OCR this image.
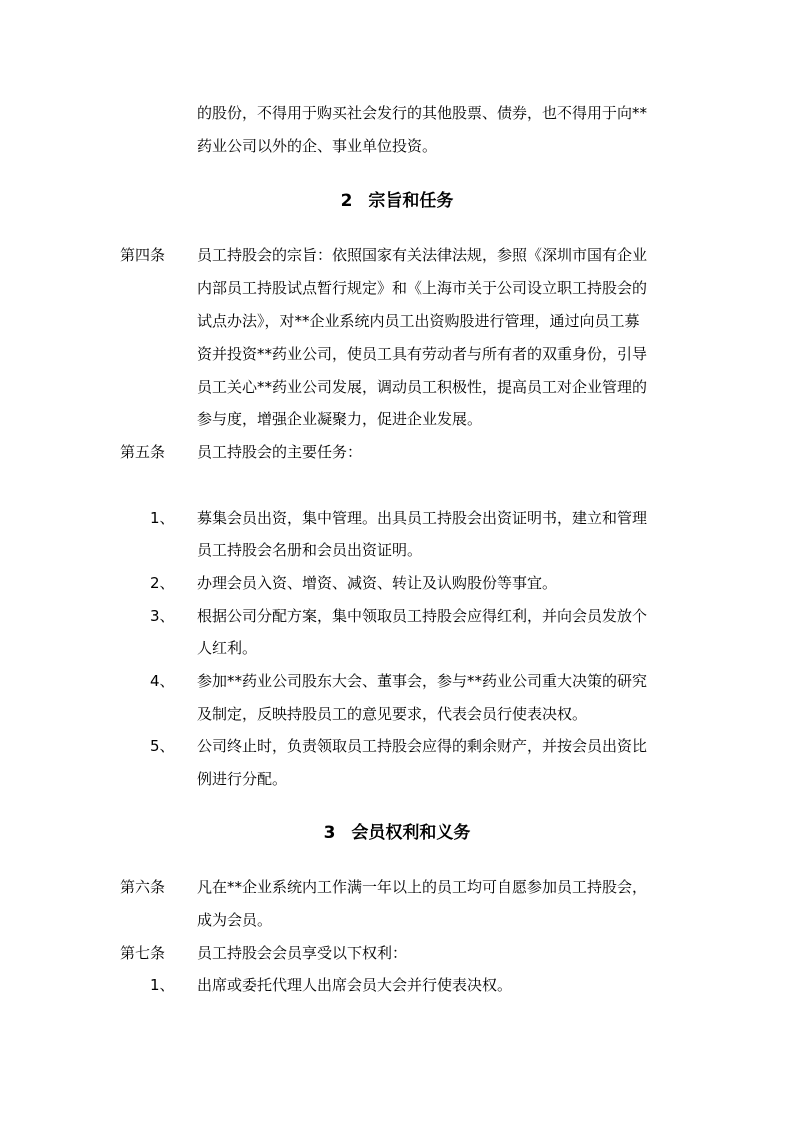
的股份，不得用于购买社会发行的其他股票、债券，也不得用于向**
药业公司以外的企、事业单位投资。
2 宗旨和任务
第四条 员工持股会的宗旨：依照国家有关法律法规，参照《深圳市国有企业
内部员工持股试点暂行规定》和《上海市关于公司设立职工持股会的
试点办法》，对**企业系统内员工出资购股进行管理，通过向员工募
资并投资**药业公司，使员工具有劳动者与所有者的双重身份，引导
员工关心**药业公司发展，调动员工积极性，提高员工对企业管理的
参与度，增强企业凝聚力，促进企业发展。
第五条 员工持股会的主要任务：
1、 募集会员出资，集中管理。出具员工持股会出资证明书，建立和管理
员工持股会名册和会员出资证明。
2、 办理会员入资、增资、减资、转让及认购股份等事宜。
3、 根据公司分配方案，集中领取员工持股会应得红利，并向会员发放个
人红利。
4、 参加**药业公司股东大会、董事会，参与**药业公司重大决策的研究
及制定，反映持股员工的意见要求，代表会员行使表决权。
5、 公司终止时，负责领取员工持股会应得的剩余财产，并按会员出资比
例进行分配。
3 会员权利和义务
第六条 凡在**企业系统内工作满一年以上的员工均可自愿参加员工持股会，
成为会员。
第七条 员工持股会会员享受以下权利：
1、 出席或委托代理人出席会员大会并行使表决权。
